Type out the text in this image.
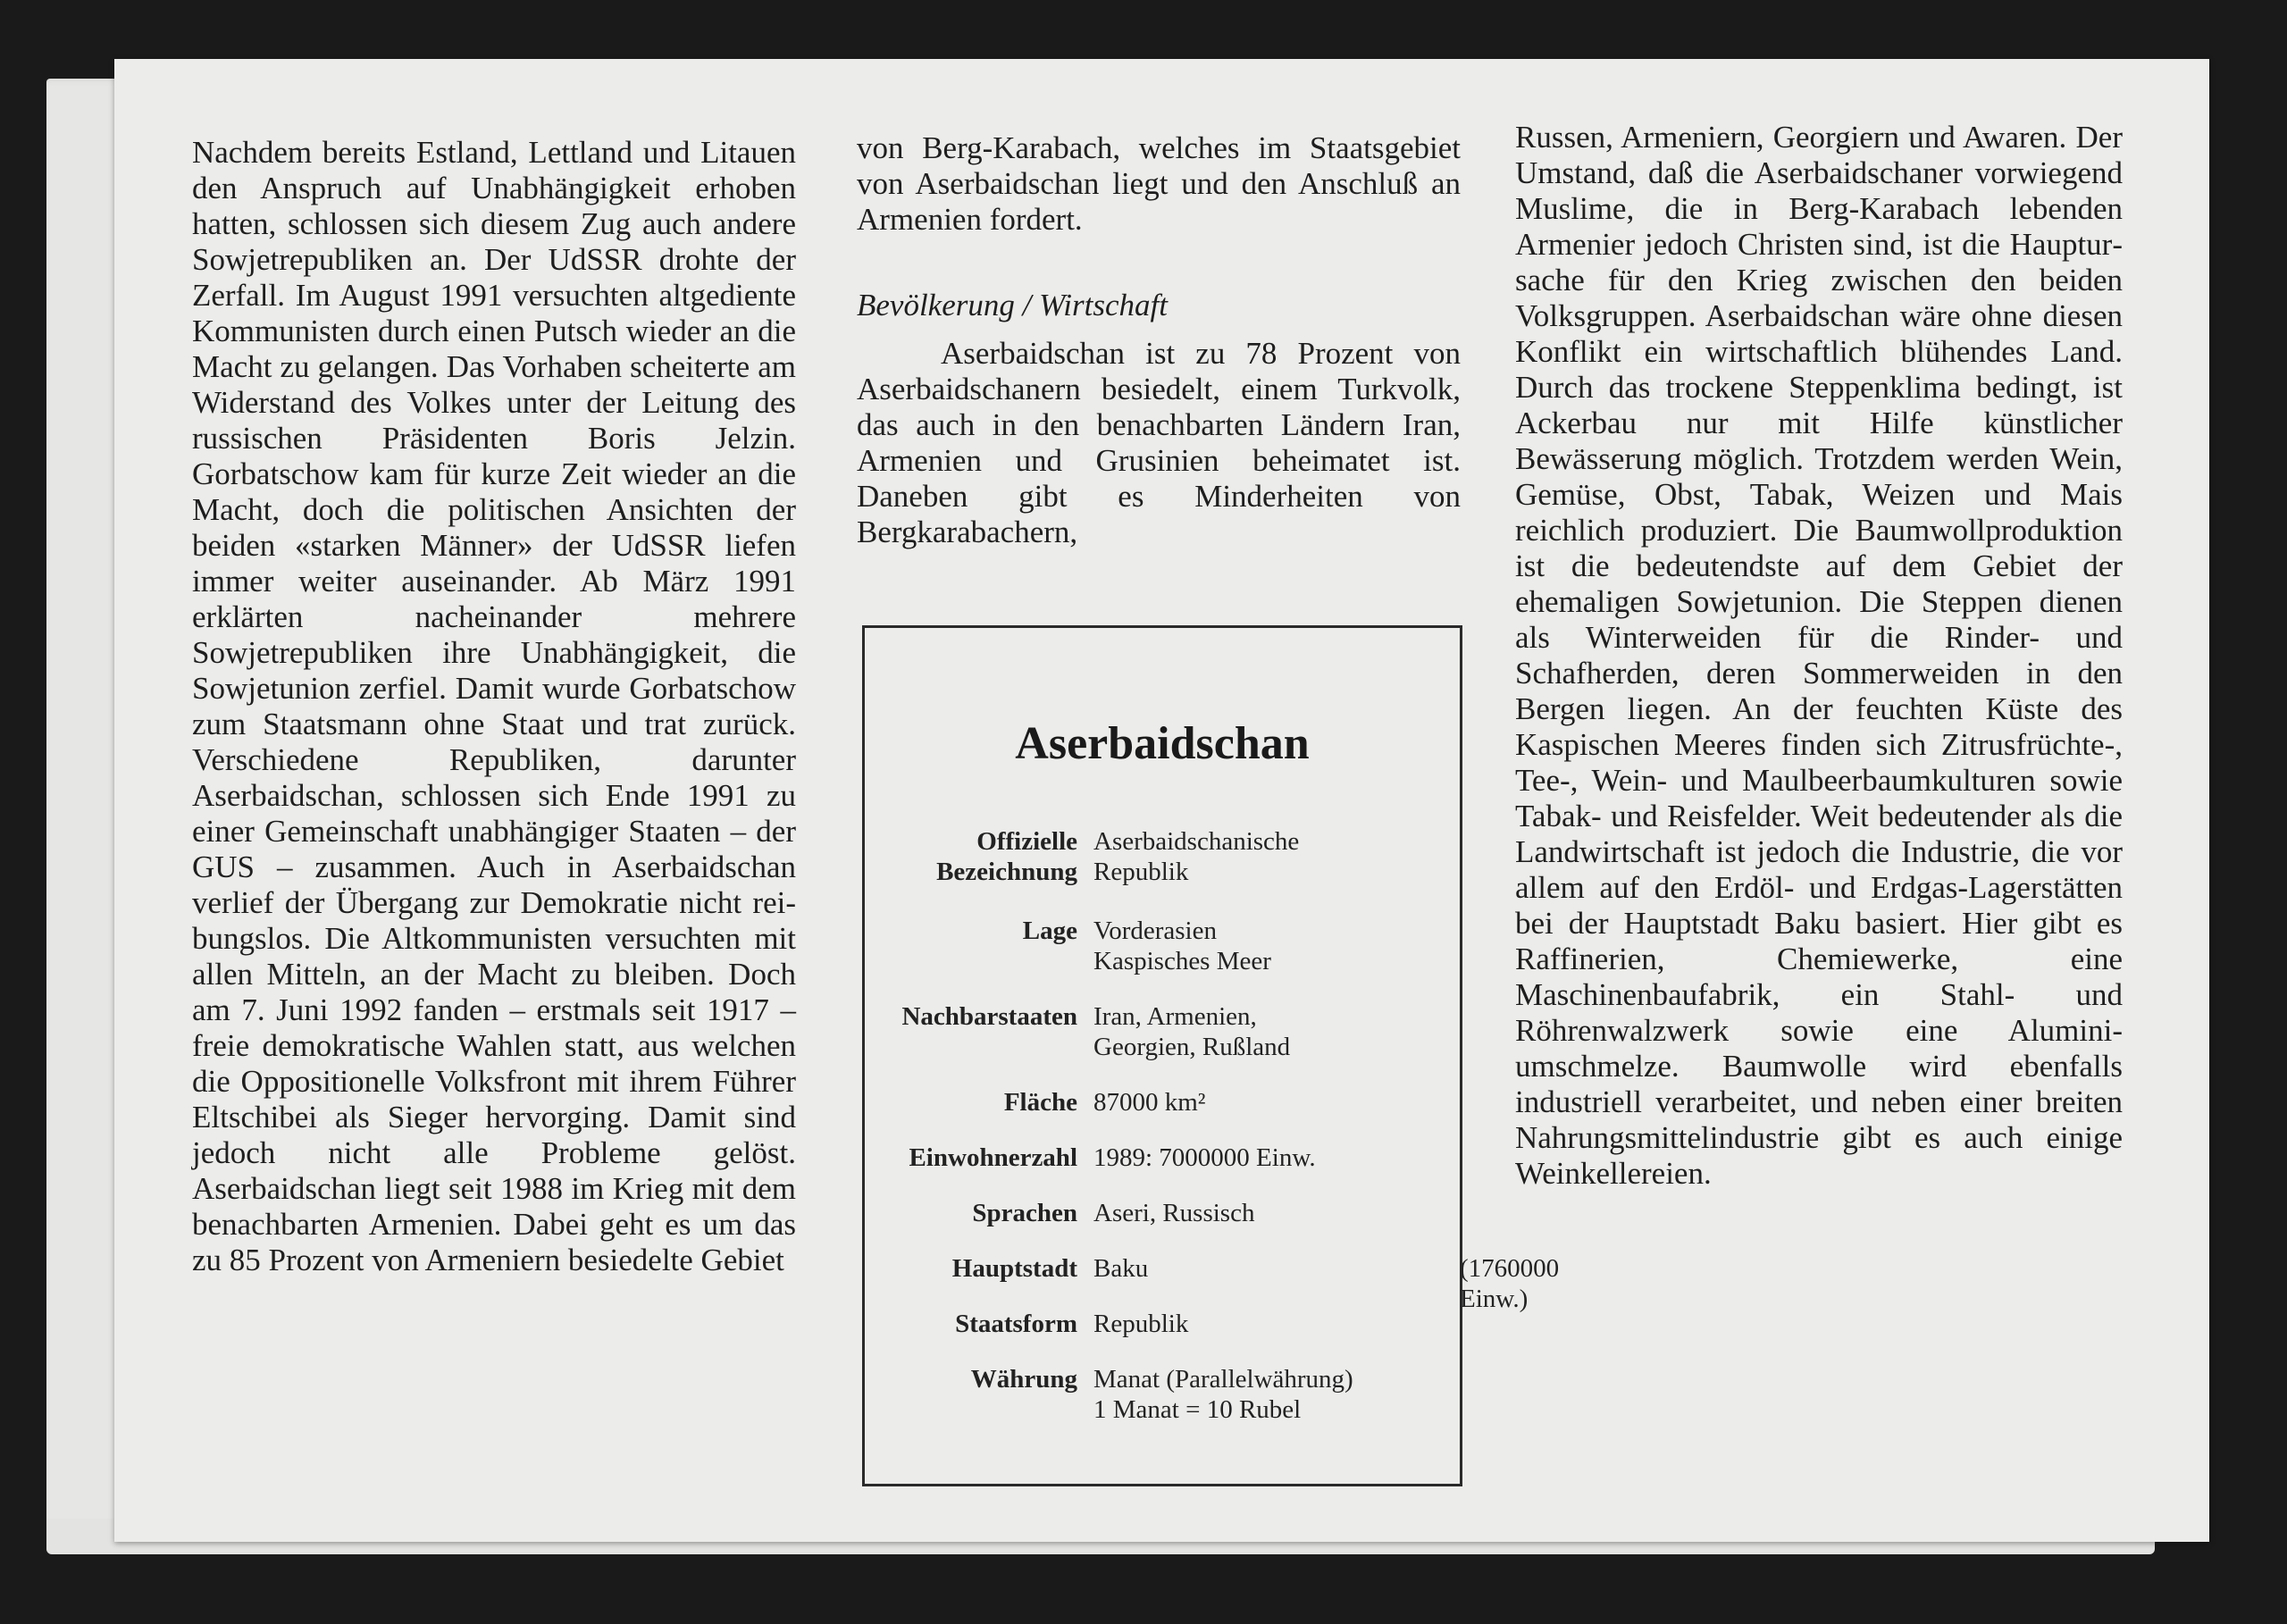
Nachdem bereits Estland, Lettland und Litauen den Anspruch auf Unabhängigkeit erhoben hatten, schlossen sich diesem Zug auch andere Sowjetrepubliken an. Der UdSSR drohte der Zerfall. Im August 1991 versuchten altgediente Kommunisten durch einen Putsch wieder an die Macht zu gelangen. Das Vorhaben scheiterte am Widerstand des Volkes unter der Leitung des russischen Präsidenten Boris Jelzin. Gorbatschow kam für kurze Zeit wieder an die Macht, doch die politischen Ansichten der beiden «starken Männer» der UdSSR liefen immer weiter auseinander. Ab März 1991 erklärten nacheinander mehrere Sowjetrepubliken ihre Unabhängigkeit, die Sowjetunion zerfiel. Damit wurde Gorbatschow zum Staatsmann ohne Staat und trat zurück. Verschiedene Republiken, darunter Aserbaidschan, schlossen sich Ende 1991 zu einer Gemeinschaft unabhängiger Staaten – der GUS – zusammen. Auch in Aserbaidschan verlief der Übergang zur Demokratie nicht reibungslos. Die Altkommunisten versuchten mit allen Mitteln, an der Macht zu bleiben. Doch am 7. Juni 1992 fanden – erstmals seit 1917 – freie demokratische Wahlen statt, aus welchen die Oppositionelle Volksfront mit ihrem Führer Eltschibei als Sieger hervorging. Damit sind jedoch nicht alle Probleme gelöst. Aserbaidschan liegt seit 1988 im Krieg mit dem benachbarten Armenien. Dabei geht es um das zu 85 Prozent von Armeniern besiedelte Gebiet

von Berg-Karabach, welches im Staatsgebiet von Aserbaidschan liegt und den Anschluß an Armenien fordert.

Bevölkerung / Wirtschaft

Aserbaidschan ist zu 78 Prozent von Aserbaidschanern besiedelt, einem Turkvolk, das auch in den benachbarten Ländern Iran, Armenien und Grusinien beheimatet ist. Daneben gibt es Minderheiten von Bergkarabachern,

Russen, Armeniern, Georgiern und Awaren. Der Umstand, daß die Aserbaidschaner vorwiegend Muslime, die in Berg-Karabach lebenden Armenier jedoch Christen sind, ist die Hauptursache für den Krieg zwischen den beiden Volksgruppen. Aserbaidschan wäre ohne diesen Konflikt ein wirtschaftlich blühendes Land. Durch das trockene Steppenklima bedingt, ist Ackerbau nur mit Hilfe künstlicher Bewässerung möglich. Trotzdem werden Wein, Gemüse, Obst, Tabak, Weizen und Mais reichlich produziert. Die Baumwollproduktion ist die bedeutendste auf dem Gebiet der ehemaligen Sowjetunion. Die Steppen dienen als Winterweiden für die Rinder- und Schafherden, deren Sommerweiden in den Bergen liegen. An der feuchten Küste des Kaspischen Meeres finden sich Zitrusfrüchte-, Tee-, Wein- und Maulbeerbaumkulturen sowie Tabak- und Reisfelder. Weit bedeutender als die Landwirtschaft ist jedoch die Industrie, die vor allem auf den Erdöl- und Erdgas-Lagerstätten bei der Hauptstadt Baku basiert. Hier gibt es Raffinerien, Chemiewerke, eine Maschinenbaufabrik, ein Stahl- und Röhrenwalzwerk sowie eine Aluminiumschmelze. Baumwolle wird ebenfalls industriell verarbeitet, und neben einer breiten Nahrungsmittelindustrie gibt es auch einige Weinkellereien.

Aserbaidschan
Offizielle
Bezeichnung
Aserbaidschanische
Republik
Lage Vorderasien
Kaspisches Meer
Nachbarstaaten Iran, Armenien,
Georgien, Rußland
Fläche 87000 km²
Einwohnerzahl 1989: 7000000 Einw.
Sprachen Aseri, Russisch
Hauptstadt Baku	(1760000 Einw.)
Staatsform Republik
Währung Manat (Parallelwährung)
1 Manat = 10 Rubel
